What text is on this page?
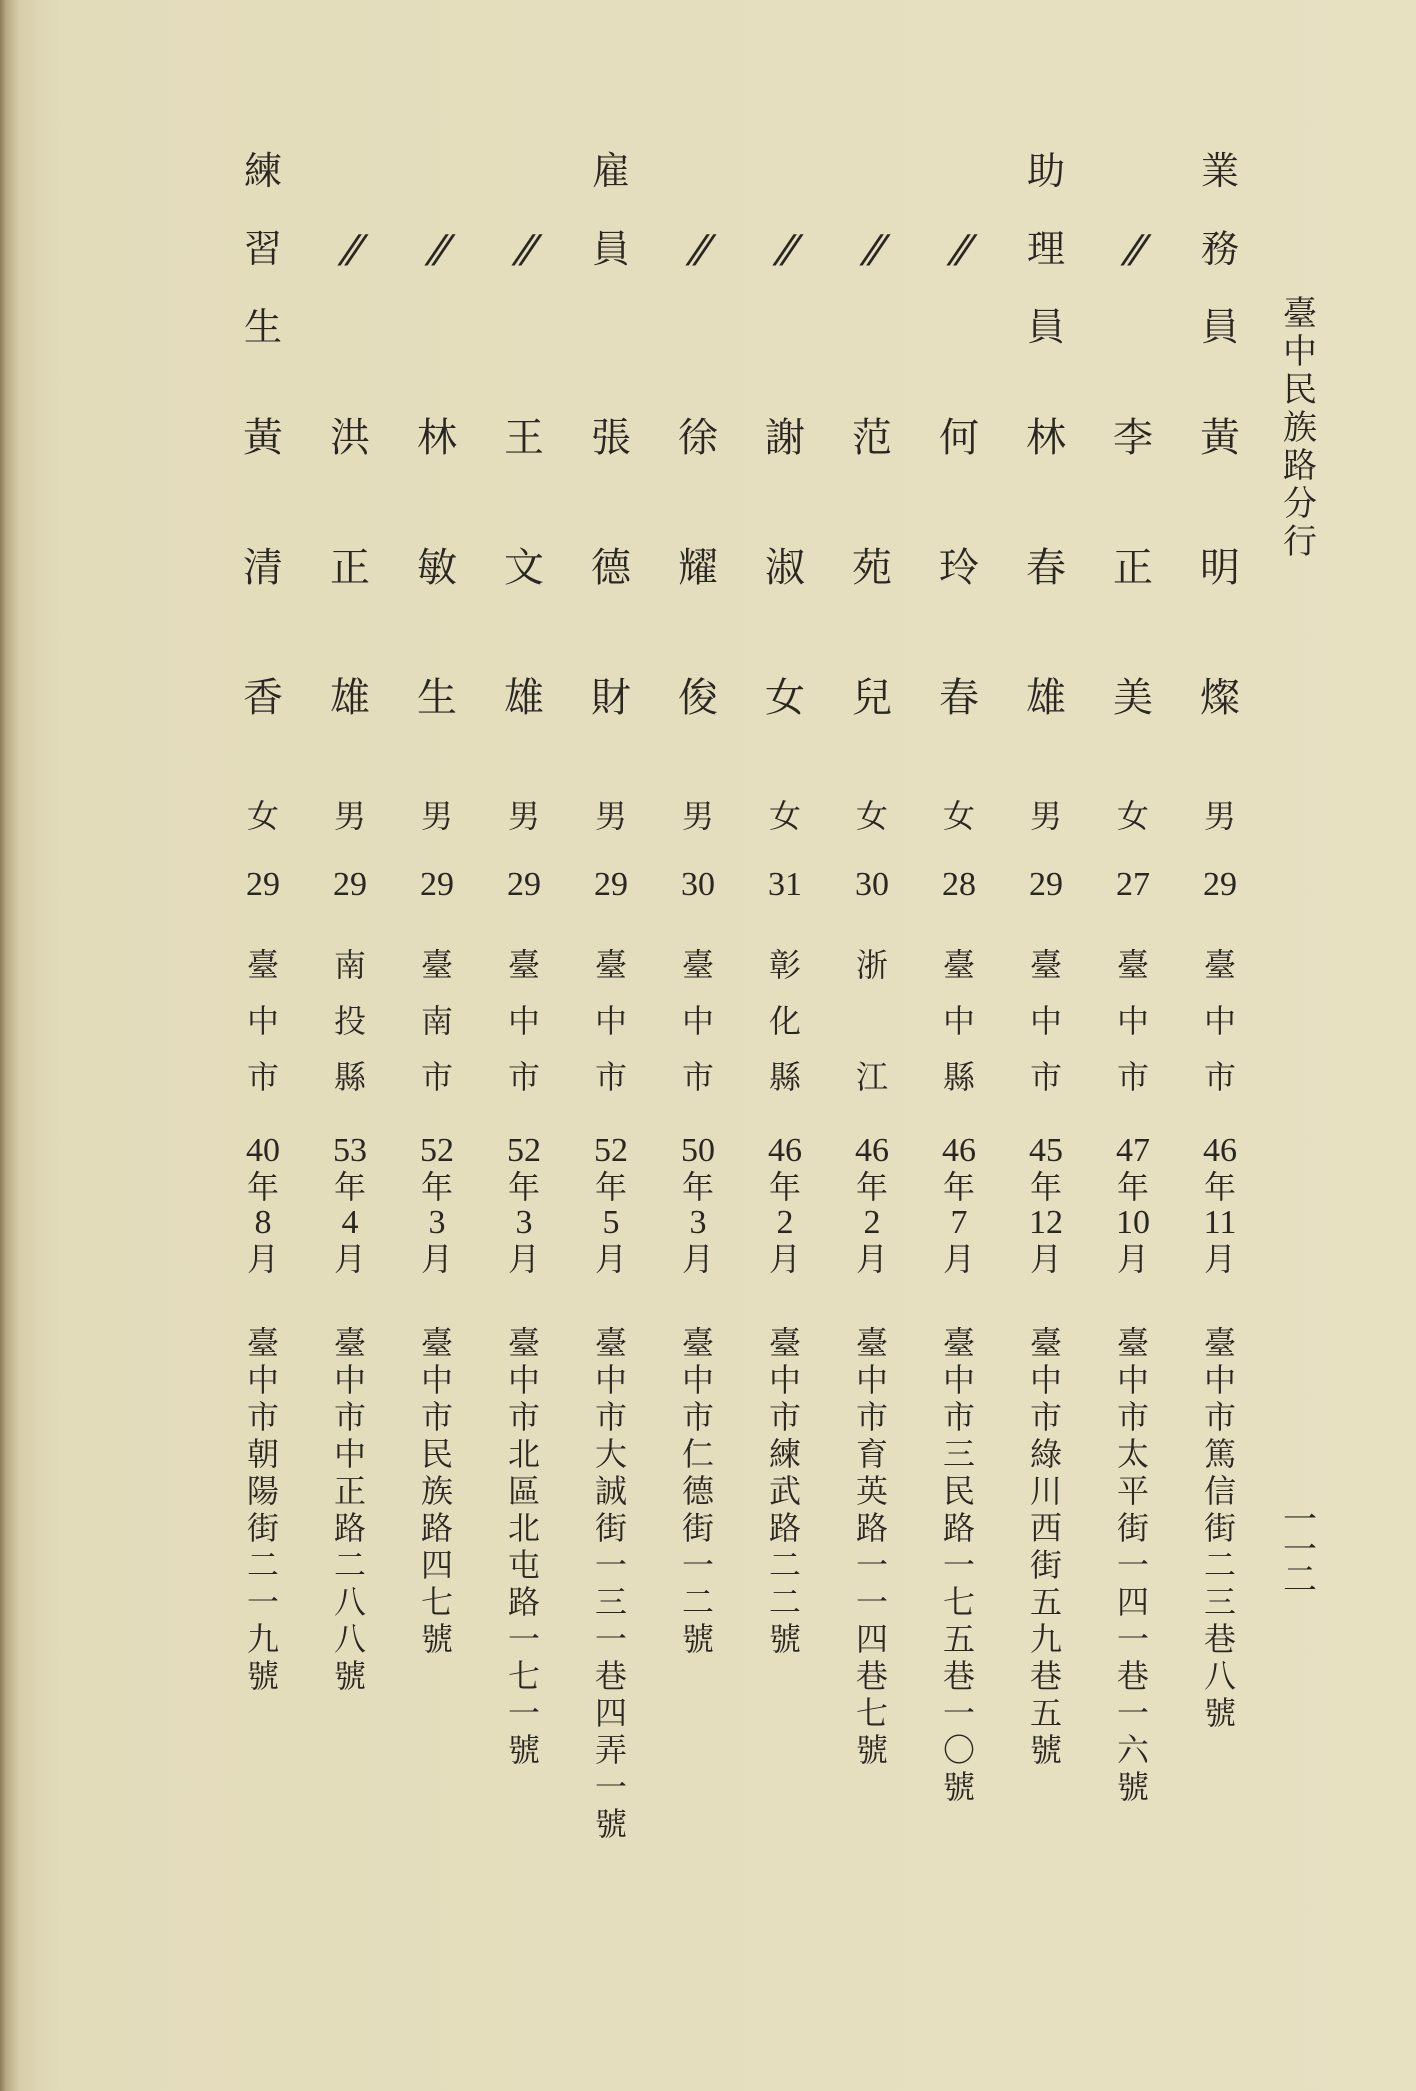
臺
中
民
族
路
分
行
一
一
二
業
務
員
黃
明
燦
男
29
臺
中
市
46
年
11
月
臺
中
市
篤
信
街
二
三
巷
八
號
//
李
正
美
女
27
臺
中
市
47
年
10
月
臺
中
市
太
平
街
一
四
一
巷
一
六
號
助
理
員
林
春
雄
男
29
臺
中
市
45
年
12
月
臺
中
市
綠
川
西
街
五
九
巷
五
號
//
何
玲
春
女
28
臺
中
縣
46
年
7
月
臺
中
市
三
民
路
一
七
五
巷
一
〇
號
//
范
苑
兒
女
30
浙

江
46
年
2
月
臺
中
市
育
英
路
一
一
四
巷
七
號
//
謝
淑
女
女
31
彰
化
縣
46
年
2
月
臺
中
市
練
武
路
二
二
號
//
徐
耀
俊
男
30
臺
中
市
50
年
3
月
臺
中
市
仁
德
街
一
二
號
雇
員
張
德
財
男
29
臺
中
市
52
年
5
月
臺
中
市
大
誠
街
一
三
一
巷
四
弄
一
號
//
王
文
雄
男
29
臺
中
市
52
年
3
月
臺
中
市
北
區
北
屯
路
一
七
一
號
//
林
敏
生
男
29
臺
南
市
52
年
3
月
臺
中
市
民
族
路
四
七
號
//
洪
正
雄
男
29
南
投
縣
53
年
4
月
臺
中
市
中
正
路
二
八
八
號
練
習
生
黃
清
香
女
29
臺
中
市
40
年
8
月
臺
中
市
朝
陽
街
二
一
九
號
